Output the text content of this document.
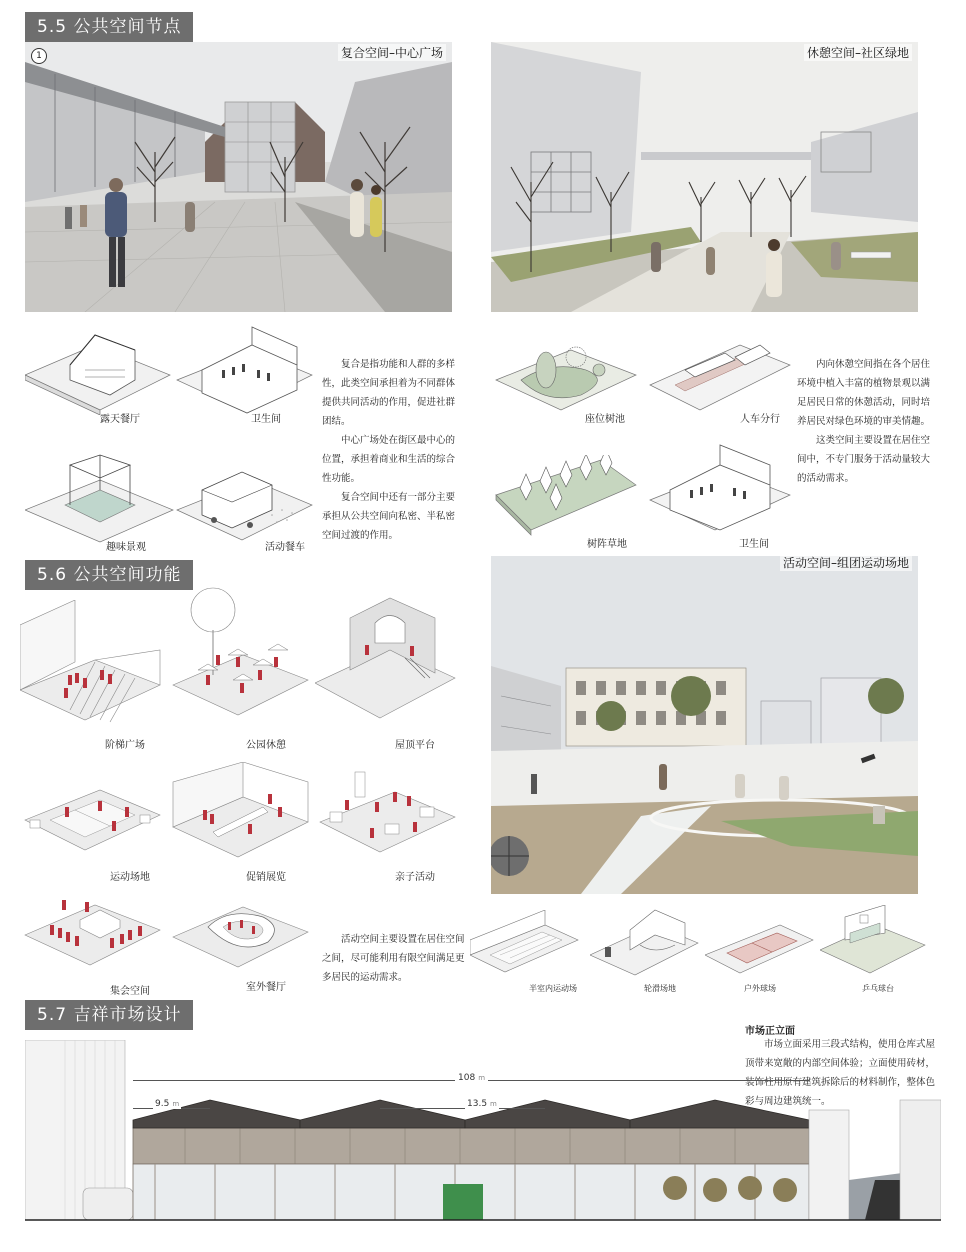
5.5 公共空间节点
复合空间–中心广场
1	休憩空间–社区绿地
露天餐厅	卫生间
趣味景观	活动餐车

复合是指功能和人群的多样性，此类空间承担着为不同群体提供共同活动的作用，促进社群团结。

中心广场处在街区最中心的位置，承担着商业和生活的综合性功能。

复合空间中还有一部分主要承担从公共空间向私密、半私密空间过渡的作用。

座位树池	人车分行
树阵草地	卫生间

内向休憩空间指在各个居住环境中植入丰富的植物景观以满足居民日常的休憩活动，同时培养居民对绿色环境的审美情趣。

这类空间主要设置在居住空间中，不专门服务于活动量较大的活动需求。

5.6 公共空间功能
阶梯广场	公园休憩	屋顶平台
运动场地	促销展览	亲子活动
集会空间	室外餐厅

活动空间主要设置在居住空间之间，尽可能利用有限空间满足更多居民的运动需求。

活动空间–组团运动场地
半室内运动场	轮滑场地	户外球场	乒乓球台
5.7 吉祥市场设计
市场正立面

市场立面采用三段式结构，使用仓库式屋顶带来宽敞的内部空间体验；立面使用砖材，装饰柱用原有建筑拆除后的材料制作，整体色彩与周边建筑统一。

108 m
9.5 m	13.5 m
